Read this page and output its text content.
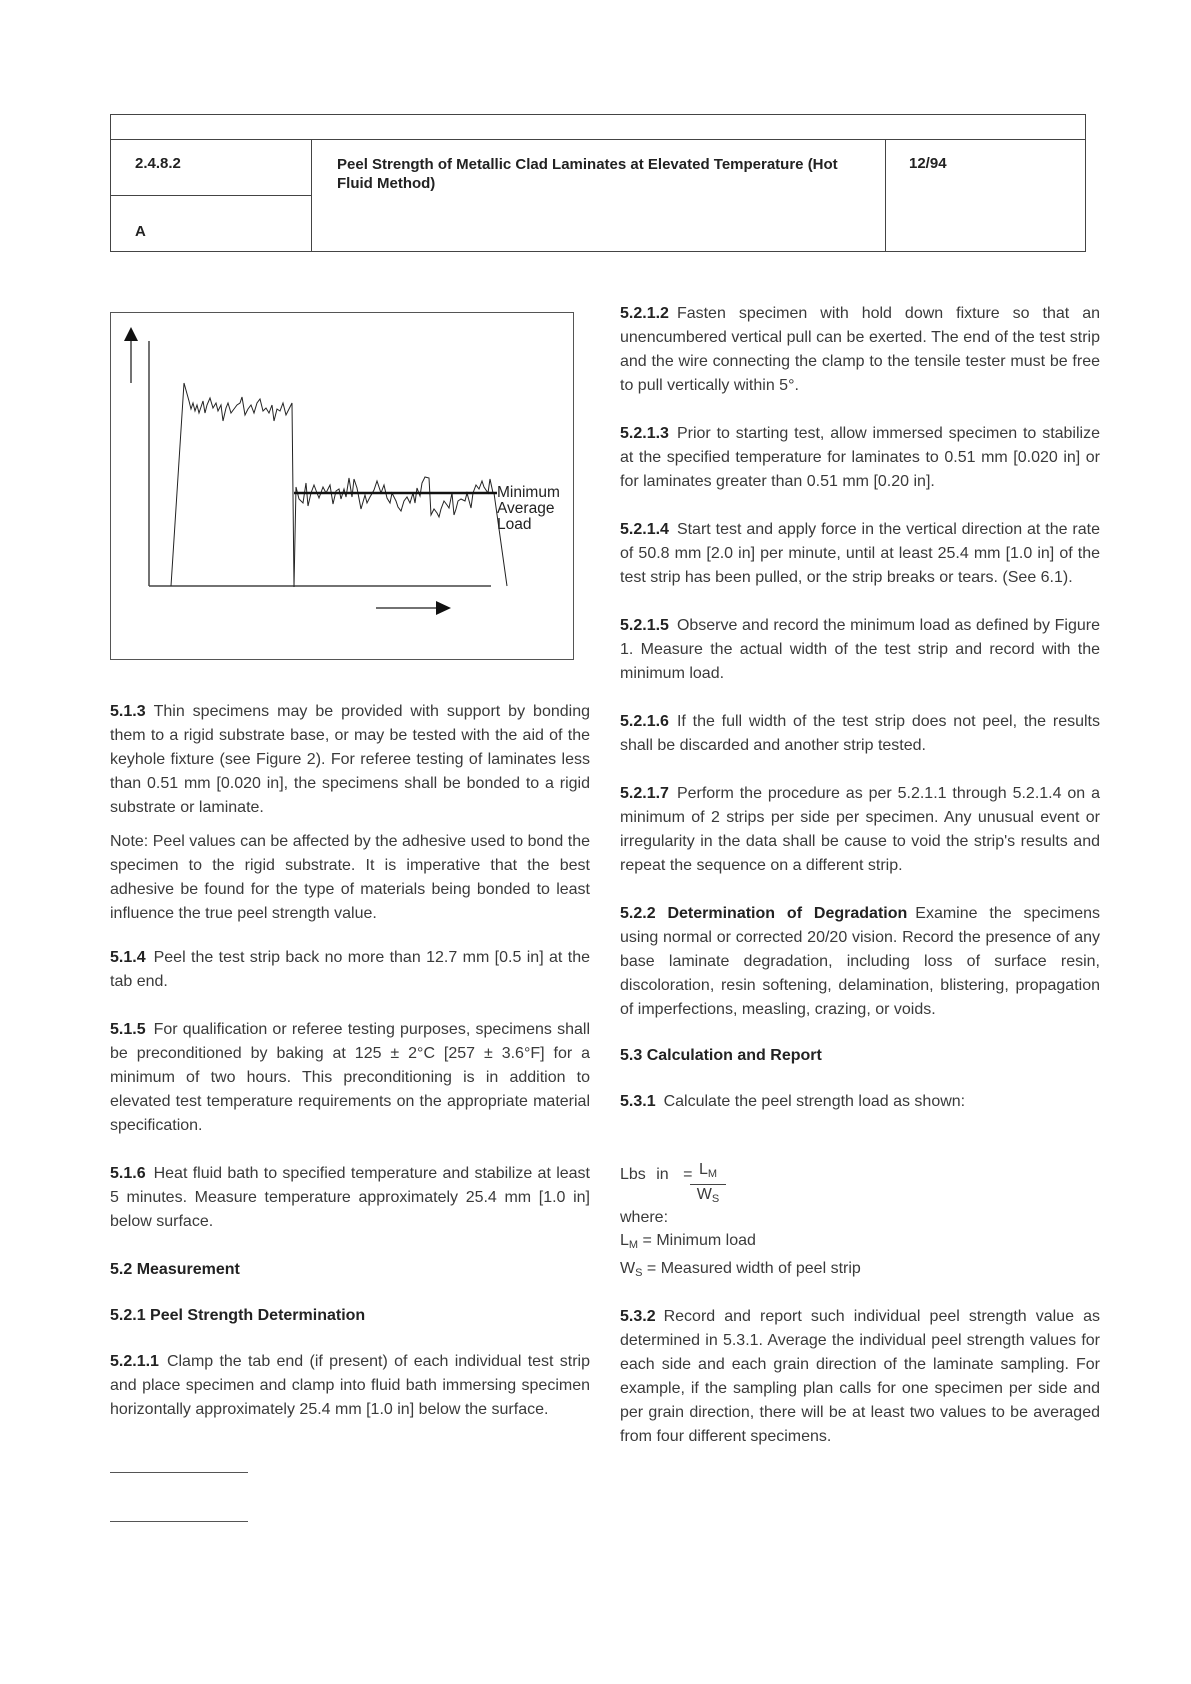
2.4.8.2
A
Peel Strength of Metallic Clad Laminates at Elevated Temperature (Hot Fluid Method)
12/94
Minimum
Average
Load

5.1.3 Thin specimens may be provided with support by bonding them to a rigid substrate base, or may be tested with the aid of the keyhole fixture (see Figure 2). For referee testing of laminates less than 0.51 mm [0.020 in], the specimens shall be bonded to a rigid substrate or laminate.

Note: Peel values can be affected by the adhesive used to bond the specimen to the rigid substrate. It is imperative that the best adhesive be found for the type of materials being bonded to least influence the true peel strength value.

5.1.4 Peel the test strip back no more than 12.7 mm [0.5 in] at the tab end.

5.1.5 For qualification or referee testing purposes, specimens shall be preconditioned by baking at 125 ± 2°C [257 ± 3.6°F] for a minimum of two hours. This preconditioning is in addition to elevated test temperature requirements on the appropriate material specification.

5.1.6 Heat fluid bath to specified temperature and stabilize at least 5 minutes. Measure temperature approximately 25.4 mm [1.0 in] below surface.

5.2 Measurement

5.2.1 Peel Strength Determination

5.2.1.1 Clamp the tab end (if present) of each individual test strip and place specimen and clamp into fluid bath immersing specimen horizontally approximately 25.4 mm [1.0 in] below the surface.

5.2.1.2 Fasten specimen with hold down fixture so that an unencumbered vertical pull can be exerted. The end of the test strip and the wire connecting the clamp to the tensile tester must be free to pull vertically within 5°.

5.2.1.3 Prior to starting test, allow immersed specimen to stabilize at the specified temperature for laminates to 0.51 mm [0.020 in] or for laminates greater than 0.51 mm [0.20 in].

5.2.1.4 Start test and apply force in the vertical direction at the rate of 50.8 mm [2.0 in] per minute, until at least 25.4 mm [1.0 in] of the test strip has been pulled, or the strip breaks or tears. (See 6.1).

5.2.1.5 Observe and record the minimum load as defined by Figure 1. Measure the actual width of the test strip and record with the minimum load.

5.2.1.6 If the full width of the test strip does not peel, the results shall be discarded and another strip tested.

5.2.1.7 Perform the procedure as per 5.2.1.1 through 5.2.1.4 on a minimum of 2 strips per side per specimen. Any unusual event or irregularity in the data shall be cause to void the strip's results and repeat the sequence on a different strip.

5.2.2 Determination of Degradation Examine the specimens using normal or corrected 20/20 vision. Record the presence of any base laminate degradation, including loss of surface resin, discoloration, resin softening, delamination, blistering, propagation of imperfections, measling, crazing, or voids.

5.3 Calculation and Report

5.3.1 Calculate the peel strength load as shown:

Lbs in =
$\frac{L_M}{W_S}$

where:

$L_M$ = Minimum load

$W_S$ = Measured width of peel strip

5.3.2 Record and report such individual peel strength value as determined in 5.3.1. Average the individual peel strength values for each side and each grain direction of the laminate sampling. For example, if the sampling plan calls for one specimen per side and per grain direction, there will be at least two values to be averaged from four different specimens.
